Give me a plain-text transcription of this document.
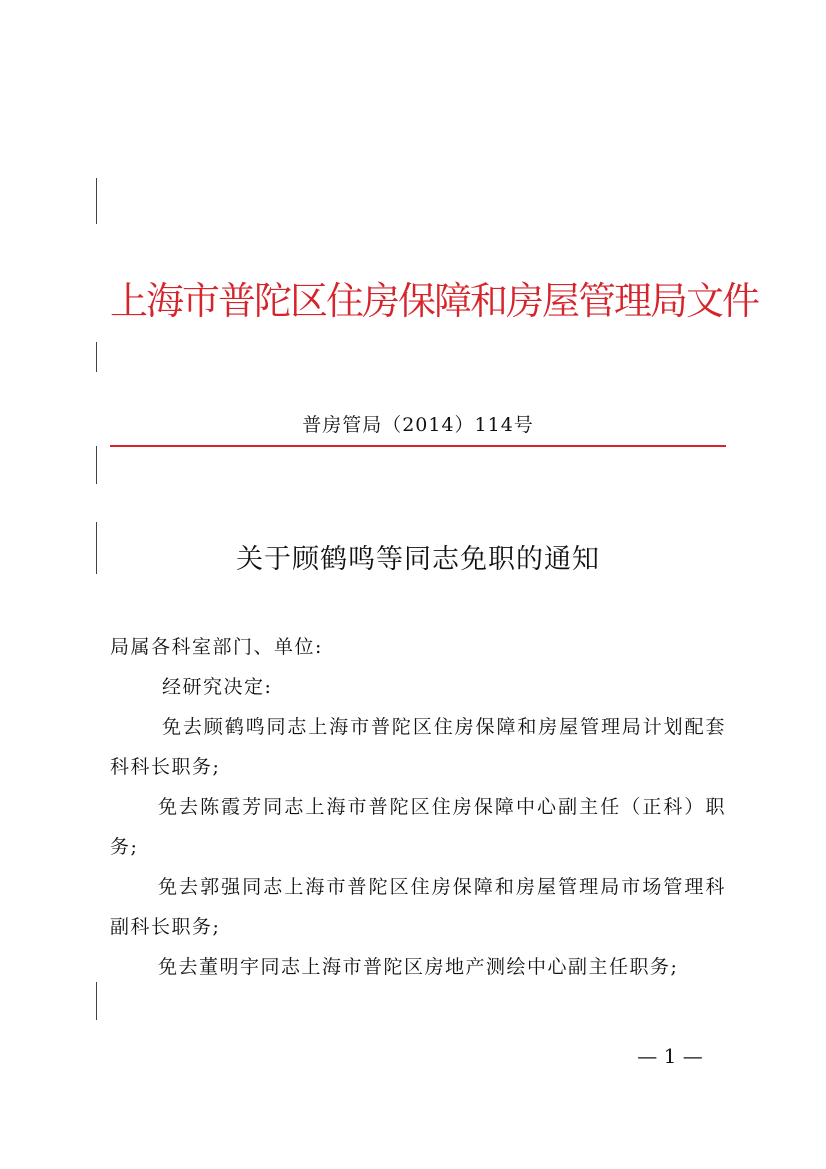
上海市普陀区住房保障和房屋管理局文件
普房管局（2014）114号
关于顾鹤鸣等同志免职的通知

局属各科室部门、单位:

经研究决定:

免去顾鹤鸣同志上海市普陀区住房保障和房屋管理局计划配套科科长职务;

免去陈霞芳同志上海市普陀区住房保障中心副主任（正科）职务;

免去郭强同志上海市普陀区住房保障和房屋管理局市场管理科副科长职务;

免去董明宇同志上海市普陀区房地产测绘中心副主任职务;

— 1 —
